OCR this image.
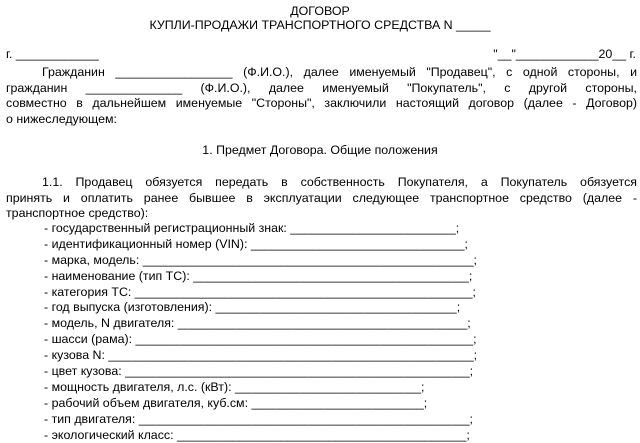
ДОГОВОР
КУПЛИ-ПРОДАЖИ ТРАНСПОРТНОГО СРЕДСТВА N _____
г. ____________	"__"____________20__ г.

Гражданин _________________ (Ф.И.О.), далее именуемый "Продавец", с одной стороны, и
гражданин ______________ (Ф.И.О.), далее именуемый "Покупатель", с другой стороны,
совместно в дальнейшем именуемые "Стороны", заключили настоящий договор (далее - Договор)
о нижеследующем:

1. Предмет Договора. Общие положения

1.1. Продавец обязуется передать в собственность Покупателя, а Покупатель обязуется
принять и оплатить ранее бывшее в эксплуатации следующее транспортное средство (далее -
транспортное средство):

- государственный регистрационный знак: ________________________;
- идентификационный номер (VIN): _______________________________;
- марка, модель: ________________________________________________;
- наименование (тип ТС): ________________________________________;
- категория ТС: _________________________________________________;
- год выпуска (изготовления): ___________________________________;
- модель, N двигателя: __________________________________________;
- шасси (рама): _________________________________________________;
- кузова N: _____________________________________________________;
- цвет кузова: __________________________________________________;
- мощность двигателя, л.с. (кВт): ___________________________;
- рабочий объем двигателя, куб.см: _________________________;
- тип двигателя: ________________________________________________;
- экологический класс: __________________________________________;
